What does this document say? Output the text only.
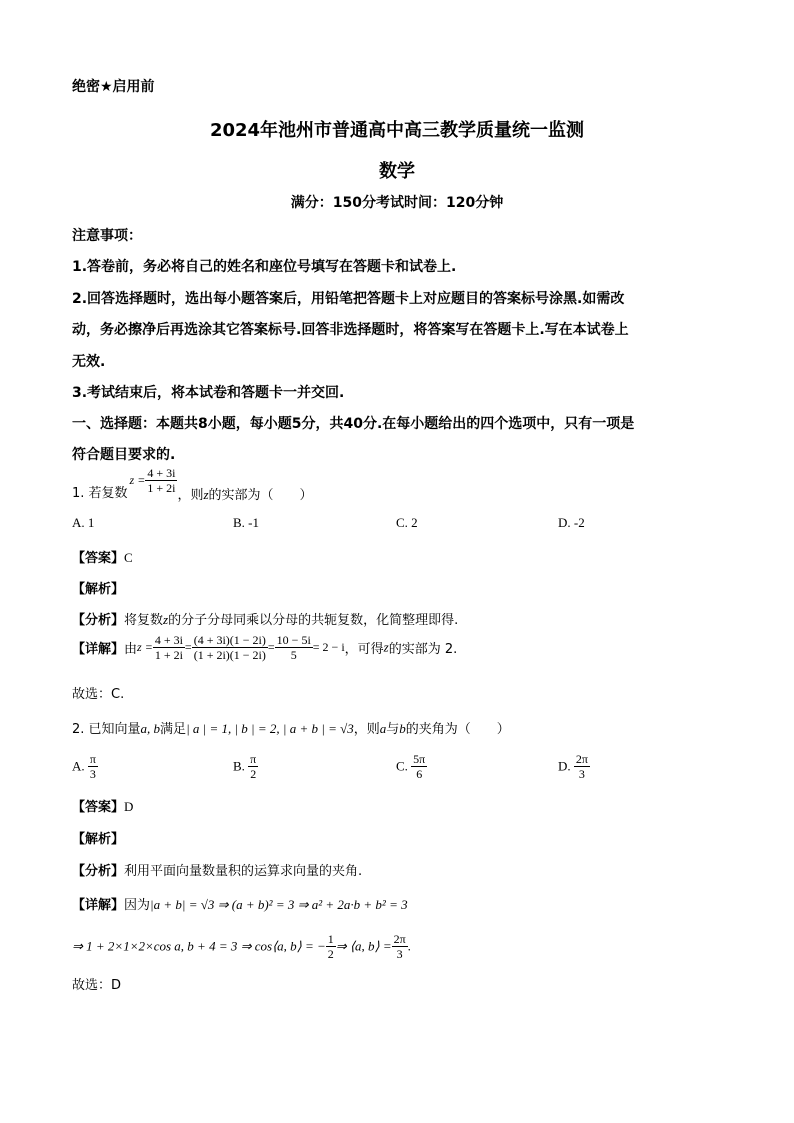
绝密★启用前
2024年池州市普通高中高三教学质量统一监测
数学
满分：150分考试时间：120分钟
注意事项：
1.答卷前，务必将自己的姓名和座位号填写在答题卡和试卷上.
2.回答选择题时，选出每小题答案后，用铅笔把答题卡上对应题目的答案标号涂黑.如需改
动，务必擦净后再选涂其它答案标号.回答非选择题时，将答案写在答题卡上.写在本试卷上
无效.
3.考试结束后，将本试卷和答题卡一并交回.
一、选择题：本题共8小题，每小题5分，共40分.在每小题给出的四个选项中，只有一项是
符合题目要求的.
1. 若复数$z = \frac{4 + 3i}{1 + 2i}$
，则z的实部为（　　）
A. 1	B. -1	C. 2	D. -2
【答案】C
【解析】
【分析】将复数z的分子分母同乘以分母的共轭复数，化简整理即得.
【详解】由$z = \frac{4 + 3i}{1 + 2i} = \frac{(4 + 3i)(1 - 2i)}{(1 + 2i)(1 - 2i)} = \frac{10 - 5i}{5} = 2 - i$，可得z的实部为 2.
故选：C.
2. 已知向量a, b满足| a | = 1, | b | = 2, | a + b | = √3，则a与b的夹角为（　　）
A. $\frac{\pi}{3}$	B. $\frac{\pi}{2}$	C. $\frac{5\pi}{6}$	D. $\frac{2\pi}{3}$
【答案】D
【解析】
【分析】利用平面向量数量积的运算求向量的夹角.
【详解】因为|a + b| = √3 ⇒ (a + b)² = 3 ⇒ a² + 2a·b + b² = 3
⇒ 1 + 2×1×2×cos a, b + 4 = 3 ⇒ cos⟨a, b⟩ = − $\frac{1}{2}$ ⇒ ⟨a, b⟩ = $\frac{2\pi}{3}$ .
故选：D
